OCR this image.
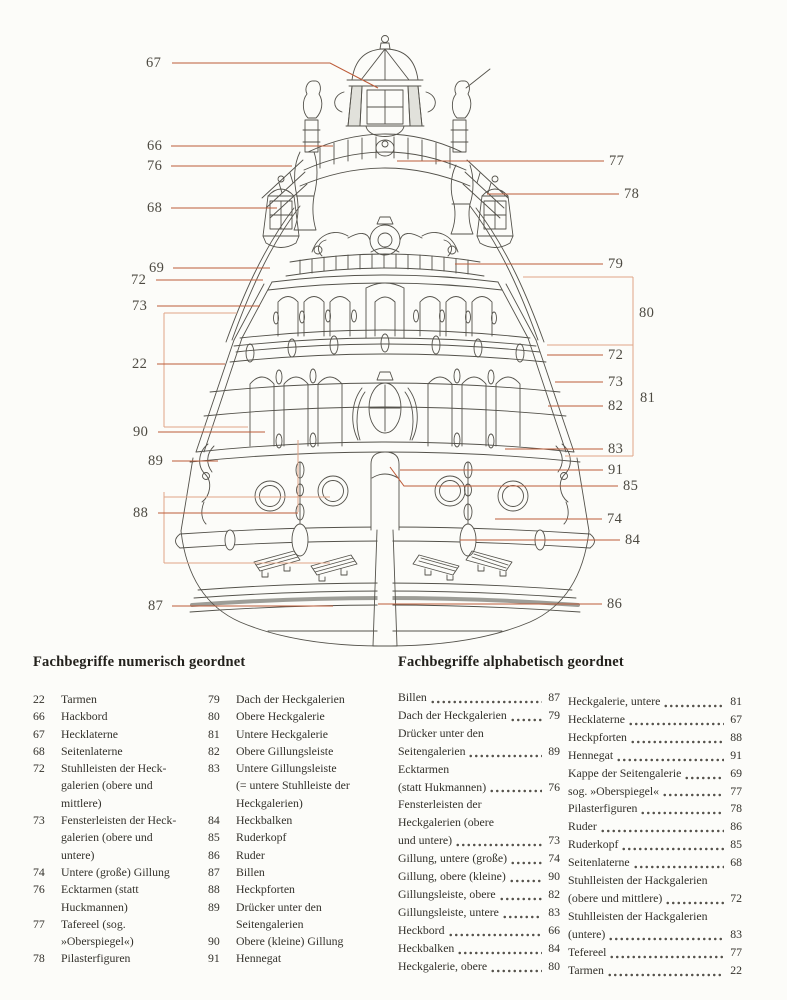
67
66
76
68
69
72
73
22
90
89
88
87
77
78
79
80
72
73
81
82
83
91
85
74
84
86
Fachbegriffe numerisch geordnet	Fachbegriffe alphabetisch geordnet
22	Tarmen
66	Hackbord
67	Hecklaterne
68	Seitenlaterne
72	Stuhlleisten der Heck-
galerien (obere und
mittlere)
73	Fensterleisten der Heck-
galerien (obere und
untere)
74	Untere (große) Gillung
76	Ecktarmen (statt
Huckmannen)
77	Tafereel (sog.
»Oberspiegel«)
78	Pilasterfiguren
79	Dach der Heckgalerien
80	Obere Heckgalerie
81	Untere Heckgalerie
82	Obere Gillungsleiste
83	Untere Gillungsleiste
(= untere Stuhlleiste der
Heckgalerien)
84	Heckbalken
85	Ruderkopf
86	Ruder
87	Billen
88	Heckpforten
89	Drücker unter den
Seitengalerien
90	Obere (kleine) Gillung
91	Hennegat
Billen	87
Dach der Heckgalerien	79
Drücker unter den
Seitengalerien	89
Ecktarmen
(statt Hukmannen)	76
Fensterleisten der
Heckgalerien (obere
und untere)	73
Gillung, untere (große)	74
Gillung, obere (kleine)	90
Gillungsleiste, obere	82
Gillungsleiste, untere	83
Heckbord	66
Heckbalken	84
Heckgalerie, obere	80
Heckgalerie, untere	81
Hecklaterne	67
Heckpforten	88
Hennegat	91
Kappe der Seitengalerie	69
sog. »Oberspiegel«	77
Pilasterfiguren	78
Ruder	86
Ruderkopf	85
Seitenlaterne	68
Stuhlleisten der Hackgalerien
(obere und mittlere)	72
Stuhlleisten der Hackgalerien
(untere)	83
Tefereel	77
Tarmen	22
